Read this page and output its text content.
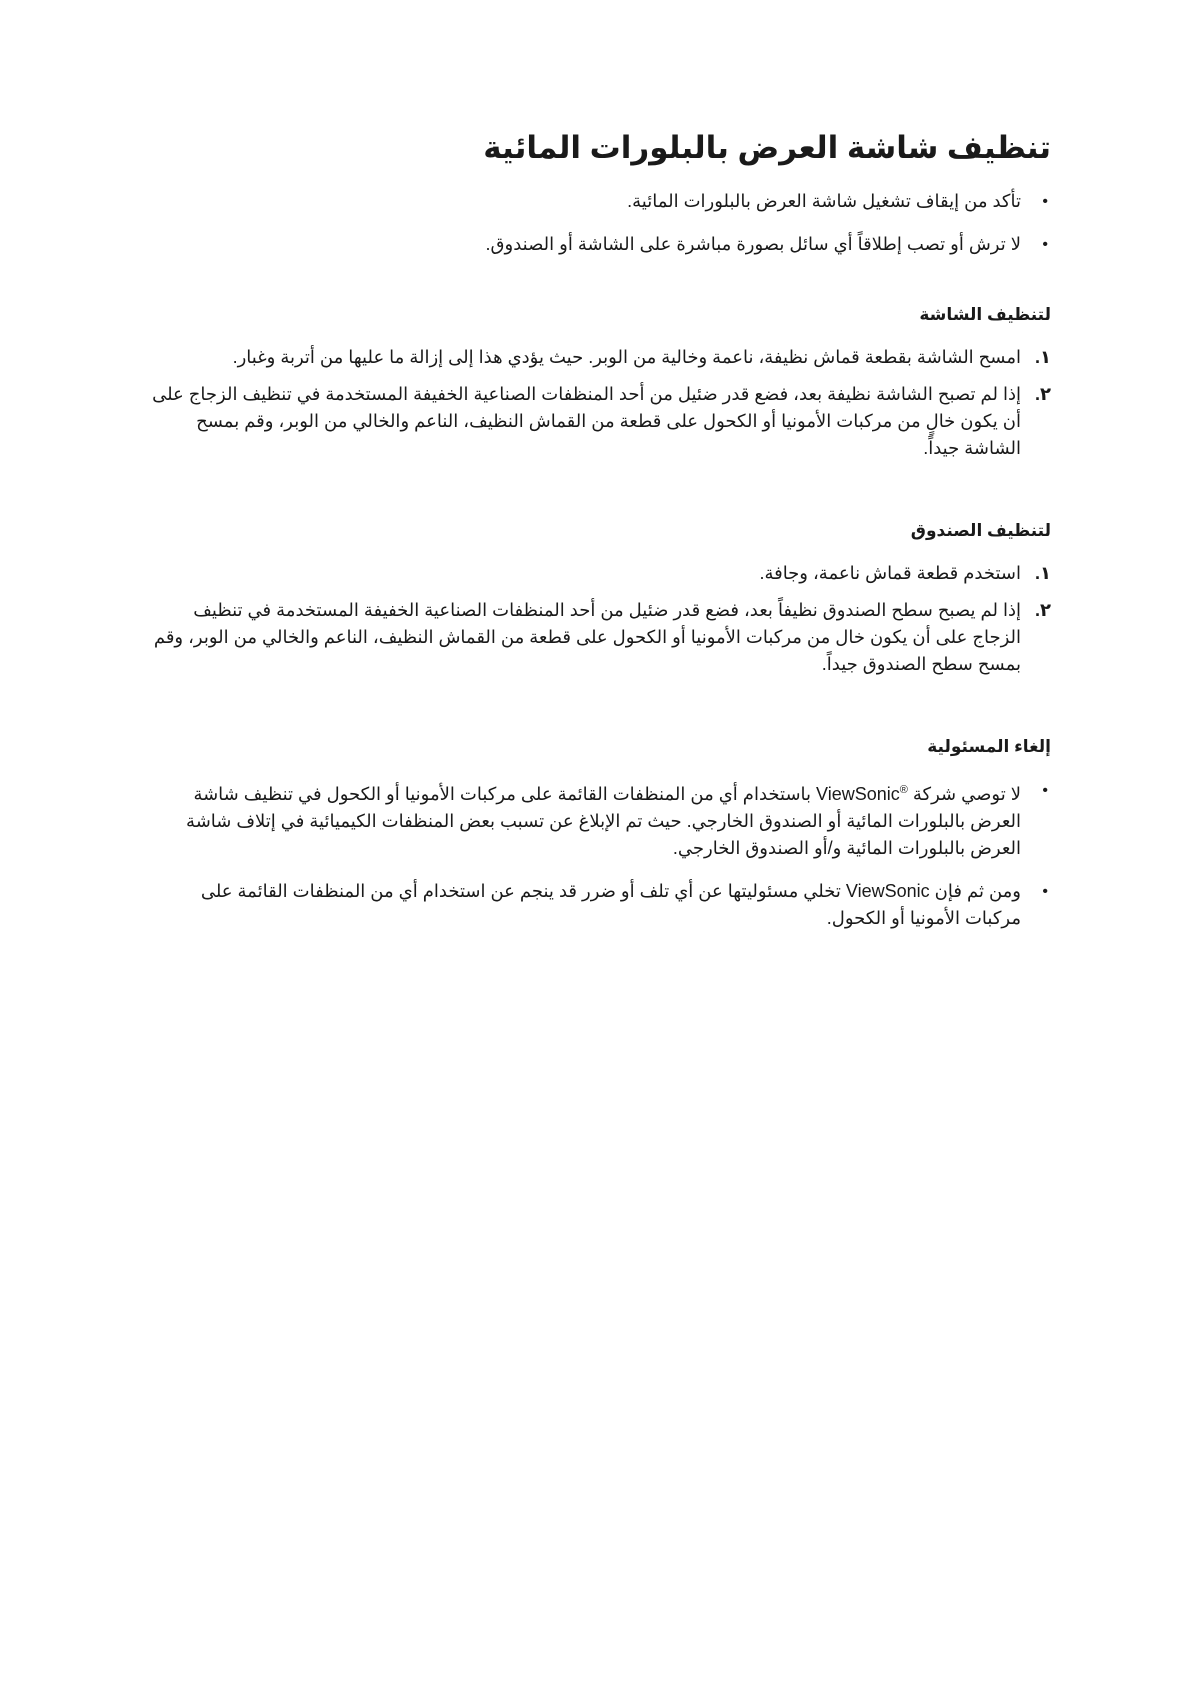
تنظيف شاشة العرض بالبلورات المائية
•
تأكد من إيقاف تشغيل شاشة العرض بالبلورات المائية.
•
لا ترش أو تصب إطلاقاً أي سائل بصورة مباشرة على الشاشة أو الصندوق.
لتنظيف الشاشة
١.
امسح الشاشة بقطعة قماش نظيفة، ناعمة وخالية من الوبر. حيث يؤدي هذا إلى إزالة ما عليها من أتربة وغبار.
٢.
إذا لم تصبح الشاشة نظيفة بعد، فضع قدر ضئيل من أحد المنظفات الصناعية الخفيفة المستخدمة في تنظيف الزجاج على أن يكون خالٍ من مركبات الأمونيا أو الكحول على قطعة من القماش النظيف، الناعم والخالي من الوبر، وقم بمسح الشاشة جيداً.
لتنظيف الصندوق
١.
استخدم قطعة قماش ناعمة، وجافة.
٢.
إذا لم يصبح سطح الصندوق نظيفاً بعد، فضع قدر ضئيل من أحد المنظفات الصناعية الخفيفة المستخدمة في تنظيف الزجاج على أن يكون خال من مركبات الأمونيا أو الكحول على قطعة من القماش النظيف، الناعم والخالي من الوبر، وقم بمسح سطح الصندوق جيداً.
إلغاء المسئولية
•
لا توصي شركة ViewSonic® باستخدام أي من المنظفات القائمة على مركبات الأمونيا أو الكحول في تنظيف شاشة العرض بالبلورات المائية أو الصندوق الخارجي. حيث تم الإبلاغ عن تسبب بعض المنظفات الكيميائية في إتلاف شاشة العرض بالبلورات المائية و/أو الصندوق الخارجي.
•
ومن ثم فإن ViewSonic تخلي مسئوليتها عن أي تلف أو ضرر قد ينجم عن استخدام أي من المنظفات القائمة على مركبات الأمونيا أو الكحول.
